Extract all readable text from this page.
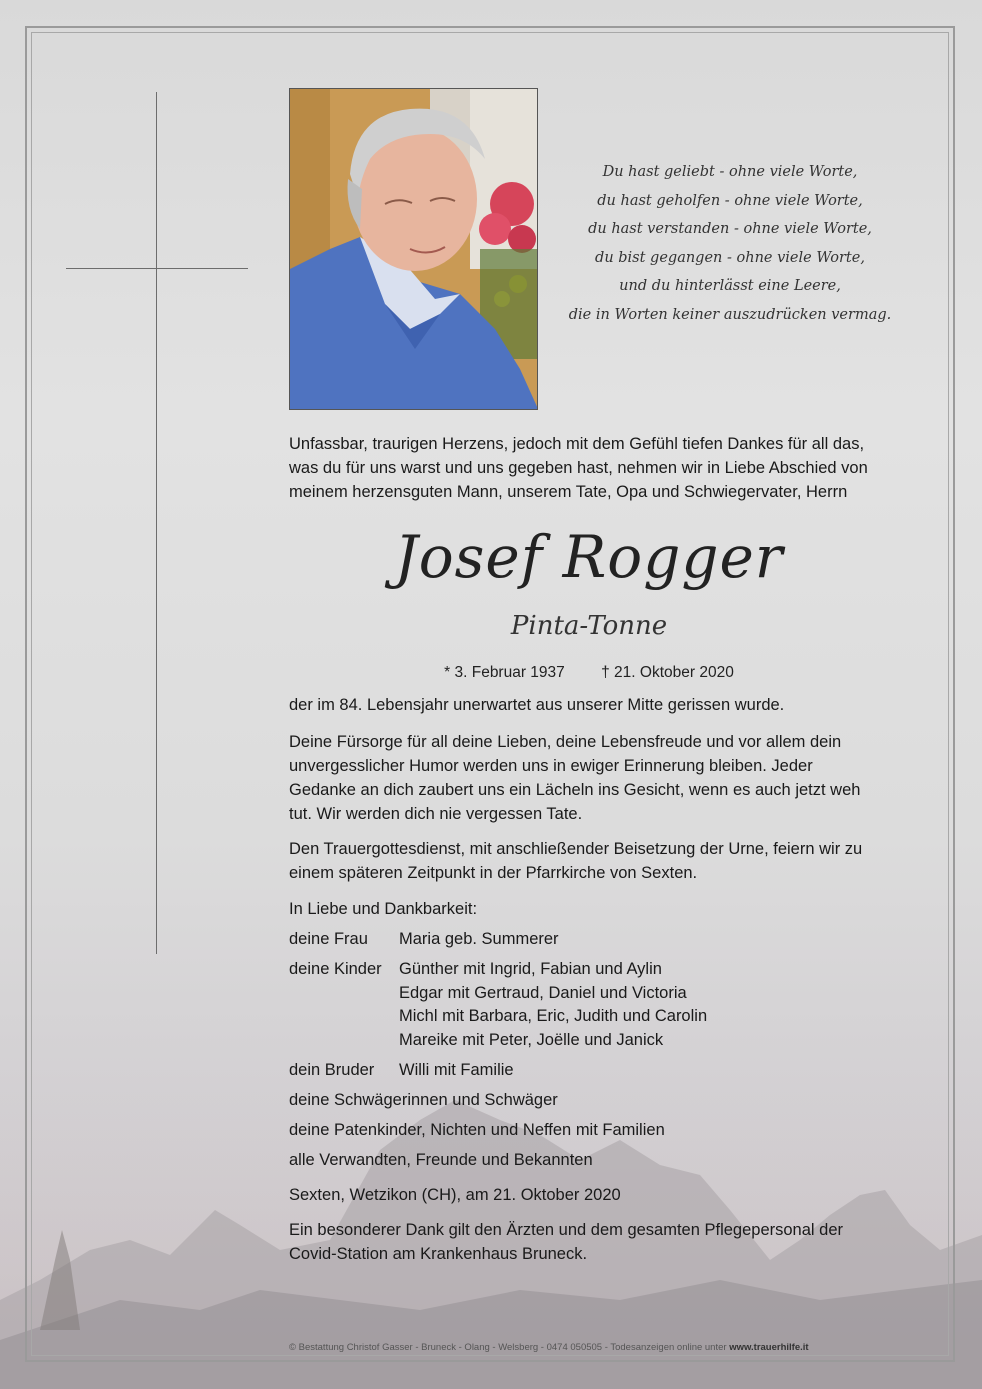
Du hast geliebt - ohne viele Worte,
du hast geholfen - ohne viele Worte,
du hast verstanden - ohne viele Worte,
du bist gegangen - ohne viele Worte,
und du hinterlässt eine Leere,
die in Worten keiner auszudrücken vermag.
Unfassbar, traurigen Herzens, jedoch mit dem Gefühl tiefen Dankes für all das,
was du für uns warst und uns gegeben hast, nehmen wir in Liebe Abschied von
meinem herzensguten Mann, unserem Tate, Opa und Schwiegervater, Herrn
Josef Rogger
Pinta-Tonne
* 3. Februar 1937 † 21. Oktober 2020
der im 84. Lebensjahr unerwartet aus unserer Mitte gerissen wurde.
Deine Fürsorge für all deine Lieben, deine Lebensfreude und vor allem dein
unvergesslicher Humor werden uns in ewiger Erinnerung bleiben. Jeder
Gedanke an dich zaubert uns ein Lächeln ins Gesicht, wenn es auch jetzt weh
tut. Wir werden dich nie vergessen Tate.
Den Trauergottesdienst, mit anschließender Beisetzung der Urne, feiern wir zu
einem späteren Zeitpunkt in der Pfarrkirche von Sexten.
In Liebe und Dankbarkeit:
deine Frau Maria geb. Summerer
deine Kinder Günther mit Ingrid, Fabian und Aylin
Edgar mit Gertraud, Daniel und Victoria
Michl mit Barbara, Eric, Judith und Carolin
Mareike mit Peter, Joëlle und Janick
dein Bruder Willi mit Familie
deine Schwägerinnen und Schwäger
deine Patenkinder, Nichten und Neffen mit Familien
alle Verwandten, Freunde und Bekannten
Sexten, Wetzikon (CH), am 21. Oktober 2020
Ein besonderer Dank gilt den Ärzten und dem gesamten Pflegepersonal der
Covid-Station am Krankenhaus Bruneck.
© Bestattung Christof Gasser - Bruneck - Olang - Welsberg - 0474 050505 - Todesanzeigen online unter www.trauerhilfe.it
